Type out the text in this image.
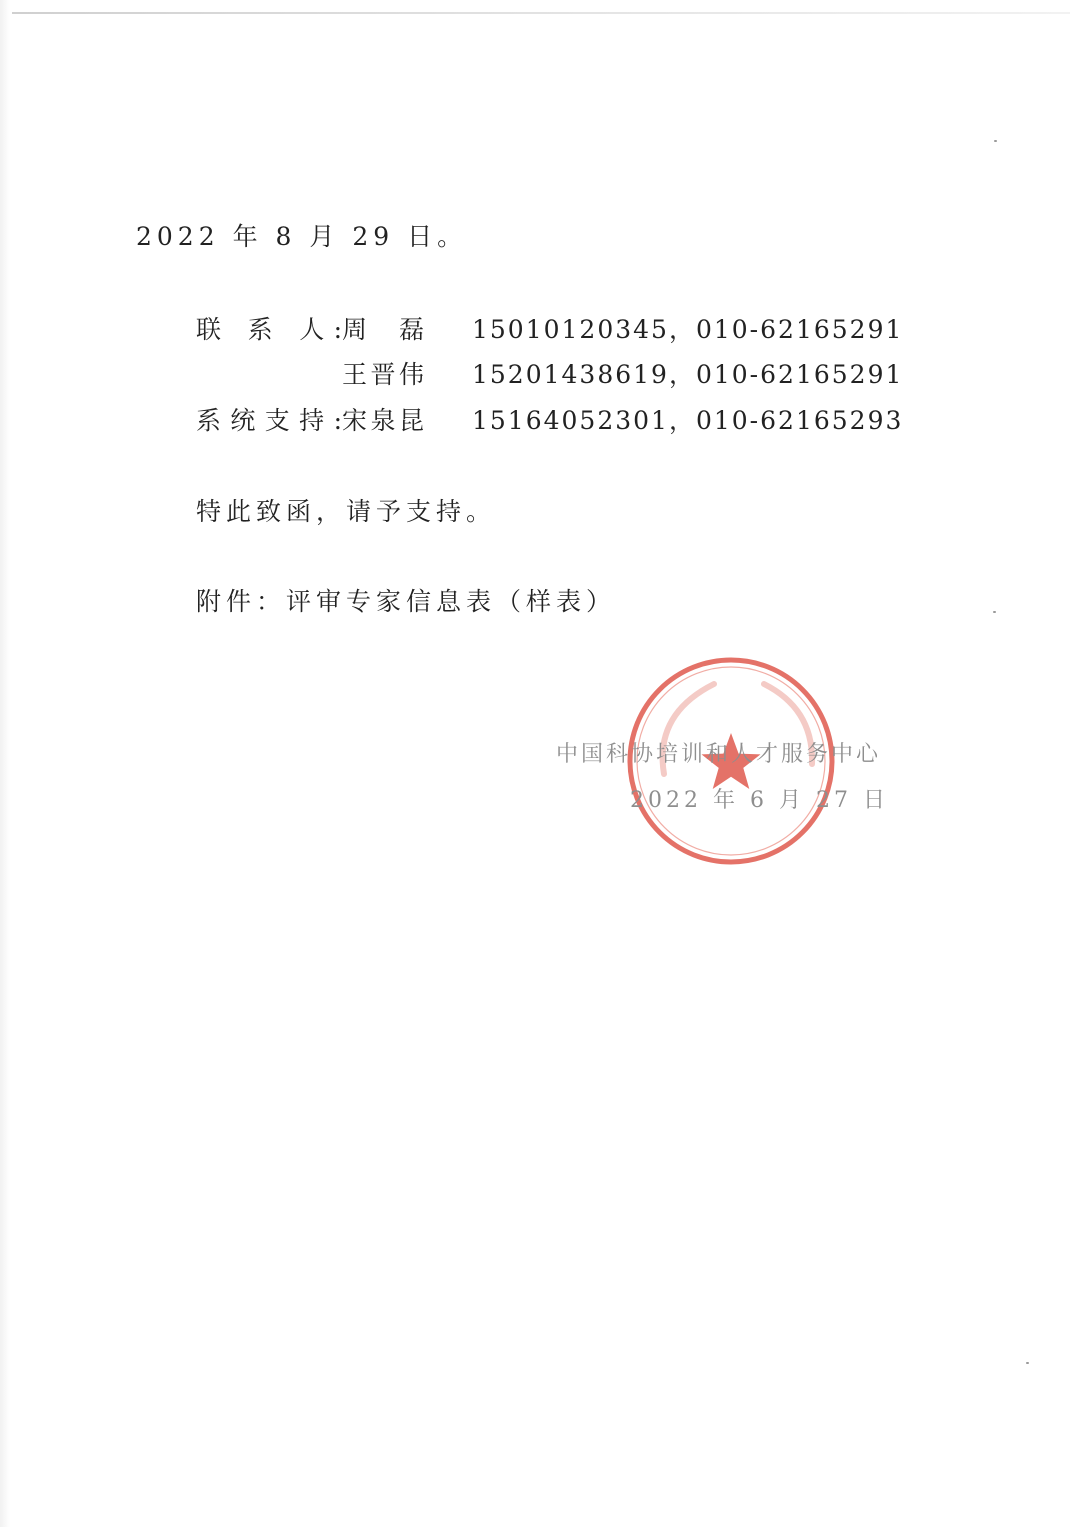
2022 年 8 月 29 日。
联 系 人: 周 磊 15010120345，010-62165291
王晋伟 15201438619，010-62165291
系统支持: 宋泉昆 15164052301，010-62165293
特此致函，请予支持。
附件：评审专家信息表（样表）
中国科协培训和人才服务中心
2022 年 6 月 27 日
